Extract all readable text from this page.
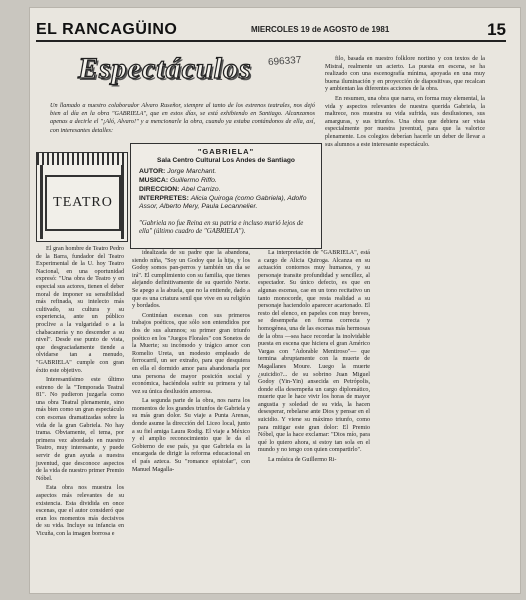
EL RANCAGÜINO	MIERCOLES 19 de AGOSTO de 1981	15
Espectáculos 696337
Un llamado a nuestro colaborador Alvaro Ruseñor, siempre al tanto de los estrenos teatrales, nos dejó bien al día en la obra "GABRIELA", que en estos días, se está exhibiendo en Santiago. Alcanzamos apenas a decirle el "¡Aló, Alvaro!" y a mencionarle la obra, cuando ya estaba contándonos de ella, así, con interesantes detalles:

filo, basada en nuestro folklore nortino y con textos de la Mistral, realmente un acierto. La puesta en escena, se ha realizado con una escenografía mínima, apoyada en una muy buena iluminación y en proyección de diapositivas, que recalcan y ambientan las diferentes acciones de la obra.

En resumen, una obra que narra, en forma muy elemental, la vida y aspectos relevantes de nuestra querida Gabriela, la maltrece, nos muestra su vida sufrida, sus desilusiones, sus amarguras, y sus triunfos. Una obra que debiera ser vista especialmente por nuestra juventud, para que la valorice plenamente. Los colegios deberían hacerle un deber de llevar a sus alumnos a este interesante espectáculo.

TEATRO
"GABRIELA"
Sala Centro Cultural Los Andes de Santiago
AUTOR: Jorge Marchant.
MUSICA: Guillermo Riffo.
DIRECCION: Abel Carrizo.
INTERPRETES: Alicia Quiroga (como Gabriela), Adolfo Assor, Alberto Mery, Paula Lecannelier.
"Gabriela no fue Reina en su patria e incluso murió lejos de ella" (último cuadro de "GABRIELA").

El gran hombre de Teatro Pedro de la Barra, fundador del Teatro Experimental de la U. hoy Teatro Nacional, en una oportunidad expresó: "Una obra de Teatro y en especial sus actores, tienen el deber moral de imponer su sensibilidad más refinada, su intelecto más cultivado, su cultura y su experiencia, ante un público proclive a la vulgaridad o a la chabacanería y no descender a su nivel". Desde ese punto de vista, que desgraciadamente tiende a olvidarse tan a menudo, "GABRIELA" cumple con gran éxito este objetivo.

Interesantísimo este último estreno de la "Temporada Teatral 81". No pudieron juzgarla como una obra Teatral plenamente, sino más bien como un gran espectáculo con escenas dramatizadas sobre la vida de la gran Gabriela. No hay trama. Obviamente, el tema, por primera vez abordado en nuestro Teatro, muy interesante, y puede servir de gran ayuda a nuestra juventud, que desconoce aspectos de la vida de nuestro primer Premio Nóbel.

Esta obra nos muestra los aspectos más relevantes de su existencia. Esta dividida en once escenas, que el autor consideró que eran los momentos más decisivos de su vida. Incluye su infancia en Vicuña, con la imagen borrosa e

idealizada de su padre que la abandona, siendo niña, "Soy un Godoy que la hija, y los Godoy somos pan-perros y también un día se irá". El cumplimiento con su familia, que tienes alejando definitivamente de su querido Norte. Se apego a la abuela, que no la entiende, dado a que es una criatura senil que vive en su religión y bordados.

Continúan escenas con sus primeros trabajos poéticos, que sólo son entendidos por dos de sus alumnos; su primer gran triunfo poético en los "Juegos Florales" con Sonetos de la Muerte; su incómodo y trágico amor con Romelio Ureta, un modesto empleado de ferrocarril, un ser extraño, para que desquiera en ella el dormido amor para abandonarla por una persona de mayor posición social y económica, haciéndola sufrir su primera y tal vez su única desilusión amorosa.

La segunda parte de la obra, nos narra los momentos de los grandes triunfos de Gabriela y su más gran dolor. Su viaje a Punta Arenas, donde asume la dirección del Liceo local, junto a su fiel amiga Laura Rodig. El viaje a México y el amplio reconocimiento que le da el Gobierno de ese país, ya que Gabriela es la encargada de dirigir la reforma educacional en el país azteca. Su "romance epistolar", con Manuel Magalla-

La interpretación de "GABRIELA", está a cargo de Alicia Quiroga. Alcanza en su actuación contornos muy humanos, y su personaje transite profundidad y sencillez, al espectador. Su único defecto, es que en algunas escenas, cae en un tono recitativo un tanto monocorde, que resta realidad a su personaje haciendolo aparecer acartonado. El resto del elenco, en papeles con muy breves, se desempeña en forma correcta y homogénea, una de las escenas más hermosas de la obra —sea hace recordar la inolvidable puesta en escena que hiciera el gran Américo Vargas con "Adorable Mentiroso"— que termina abruptamente con la muerte de Magallanes Moure. Luego la muerte ¿suicidio?... de su sobrino Juan Miguel Godoy (Yin-Yin) ansecida en Petrópolis, donde ella desempeña un cargo diplomático, muerte que le hace vivir los horas de mayor angustia y soledad de su vida, la hacen desesperar, rebelarse ante Dios y pensar en el suicidio. Y viene su máximo triunfo, como para mitigar este gran dolor: El Premio Nóbel, que la hace exclamar: "Dios mío, para qué lo quiero ahora, si estoy tan sola en el mundo y no tengo con quien compartirlo".

La música de Guillermo Ri-
